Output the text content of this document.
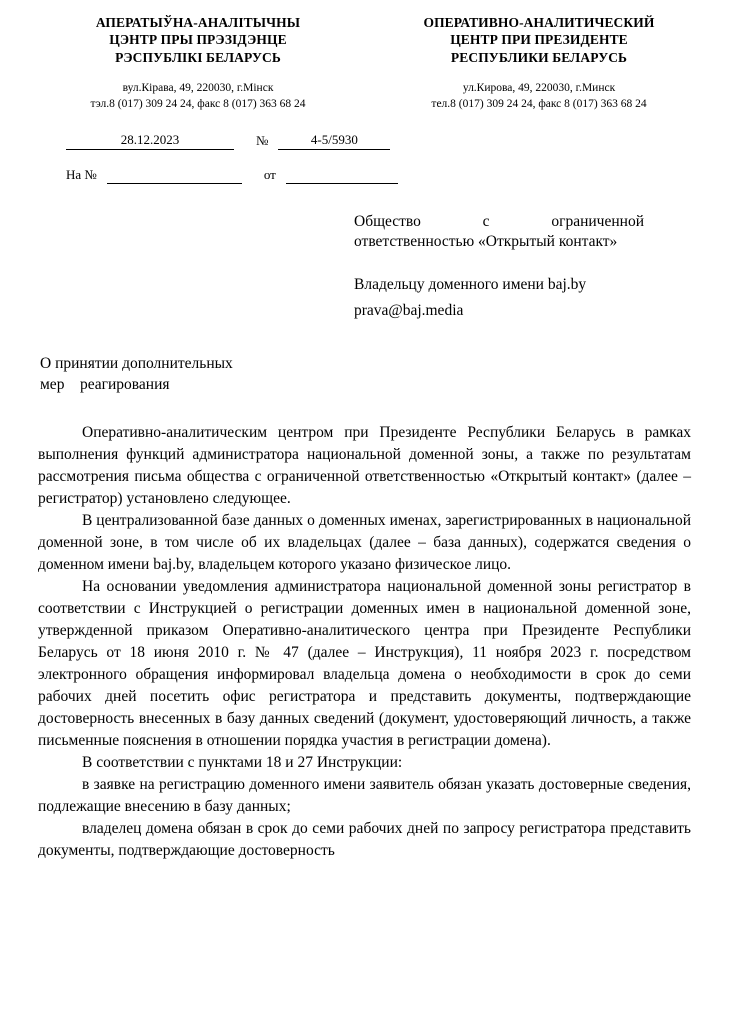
АПЕРАТЫЎНА-АНАЛІТЫЧНЫ
ЦЭНТР ПРЫ ПРЭЗІДЭНЦЕ
РЭСПУБЛІКІ БЕЛАРУСЬ
вул.Кірава, 49, 220030, г.Мінск
тэл.8 (017) 309 24 24, факс 8 (017) 363 68 24
ОПЕРАТИВНО-АНАЛИТИЧЕСКИЙ
ЦЕНТР ПРИ ПРЕЗИДЕНТЕ
РЕСПУБЛИКИ БЕЛАРУСЬ
ул.Кирова, 49, 220030, г.Минск
тел.8 (017) 309 24 24, факс 8 (017) 363 68 24
28.12.2023	№	4-5/5930
На №	от
Общество с ограниченной ответственностью «Открытый контакт»
Владельцу доменного имени baj.by
prava@baj.media
О принятии дополнительных
мер    реагирования

Оперативно-аналитическим центром при Президенте Республики Беларусь в рамках выполнения функций администратора национальной доменной зоны, а также по результатам рассмотрения письма общества с ограниченной ответственностью «Открытый контакт» (далее – регистратор) установлено следующее.

В централизованной базе данных о доменных именах, зарегистрированных в национальной доменной зоне, в том числе об их владельцах (далее – база данных), содержатся сведения о доменном имени baj.by, владельцем которого указано физическое лицо.

На основании уведомления администратора национальной доменной зоны регистратор в соответствии с Инструкцией о регистрации доменных имен в национальной доменной зоне, утвержденной приказом Оперативно-аналитического центра при Президенте Республики Беларусь от 18 июня 2010 г. № 47 (далее – Инструкция), 11 ноября 2023 г. посредством электронного обращения информировал владельца домена о необходимости в срок до семи рабочих дней посетить офис регистратора и представить документы, подтверждающие достоверность внесенных в базу данных сведений (документ, удостоверяющий личность, а также письменные пояснения в отношении порядка участия в регистрации домена).

В соответствии с пунктами 18 и 27 Инструкции:

в заявке на регистрацию доменного имени заявитель обязан указать достоверные сведения, подлежащие внесению в базу данных;

владелец домена обязан в срок до семи рабочих дней по запросу регистратора представить документы, подтверждающие достоверность
